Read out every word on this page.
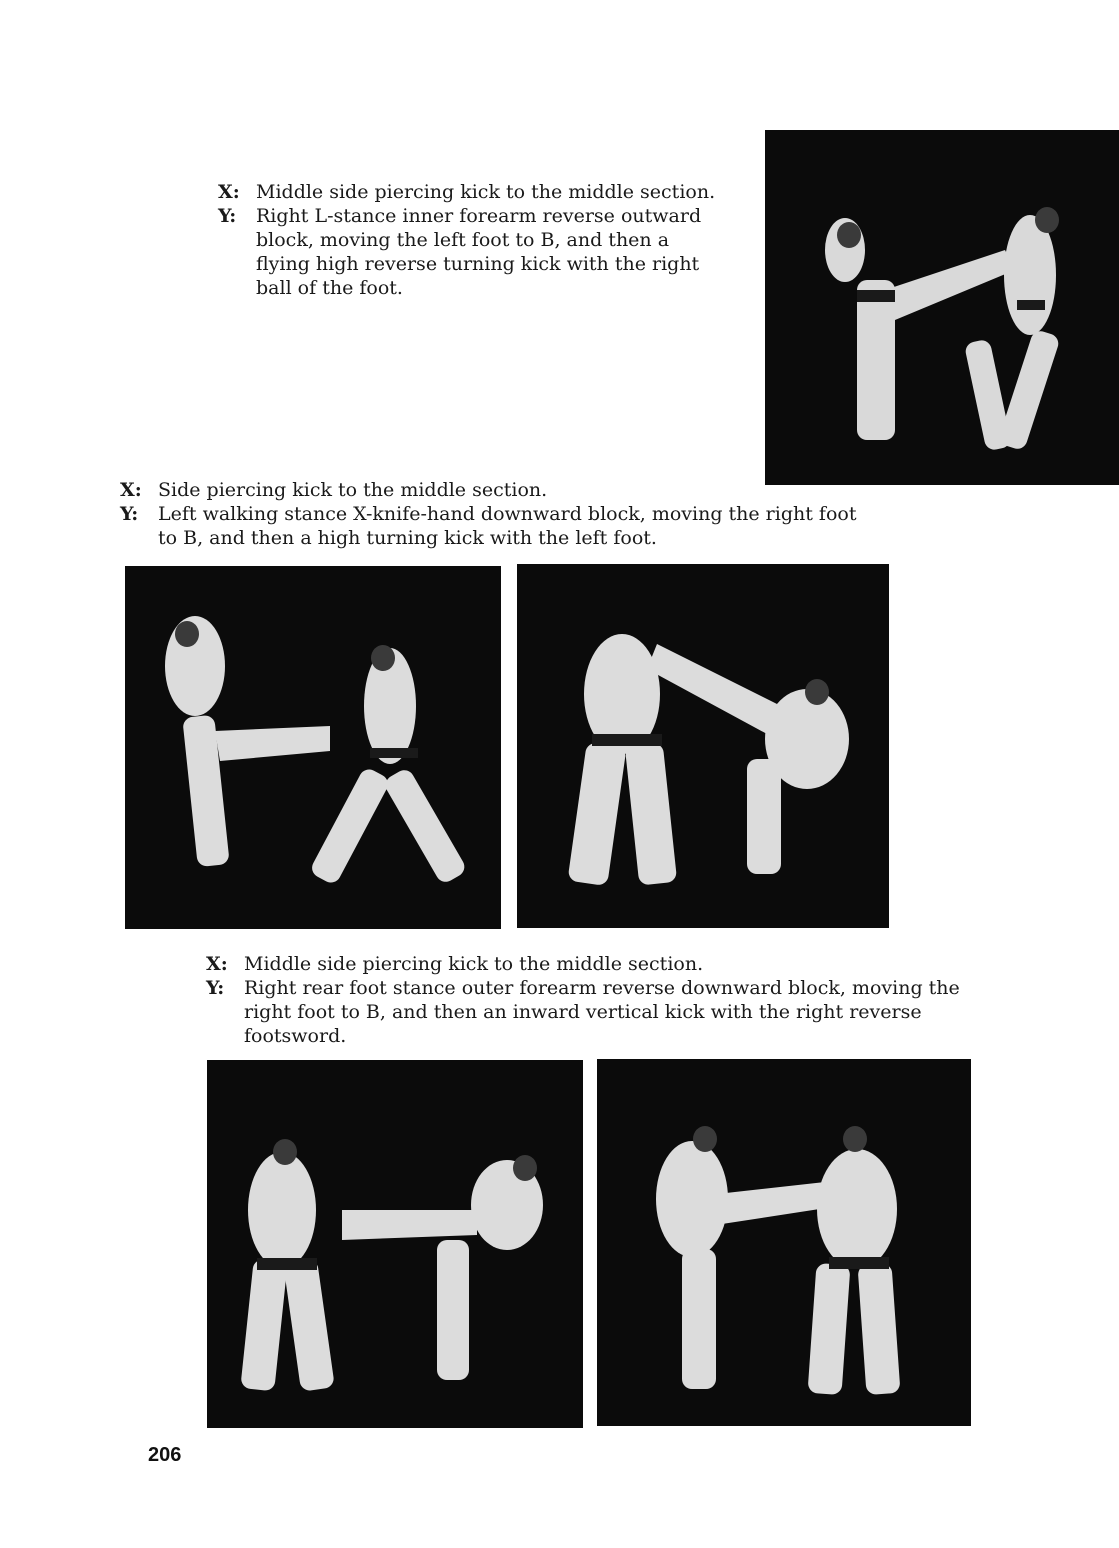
X: Middle side piercing kick to the middle section.
Y:	Right L-stance inner forearm reverse outward block, moving the left foot to B, and then a flying high reverse turning kick with the right ball of the foot.
X: Side piercing kick to the middle section.
Y:	Left walking stance X-knife-hand downward block, moving the right foot to B, and then a high turning kick with the left foot.
X: Middle side piercing kick to the middle section.
Y:	Right rear foot stance outer forearm reverse downward block, moving the right foot to B, and then an inward vertical kick with the right reverse footsword.
206
